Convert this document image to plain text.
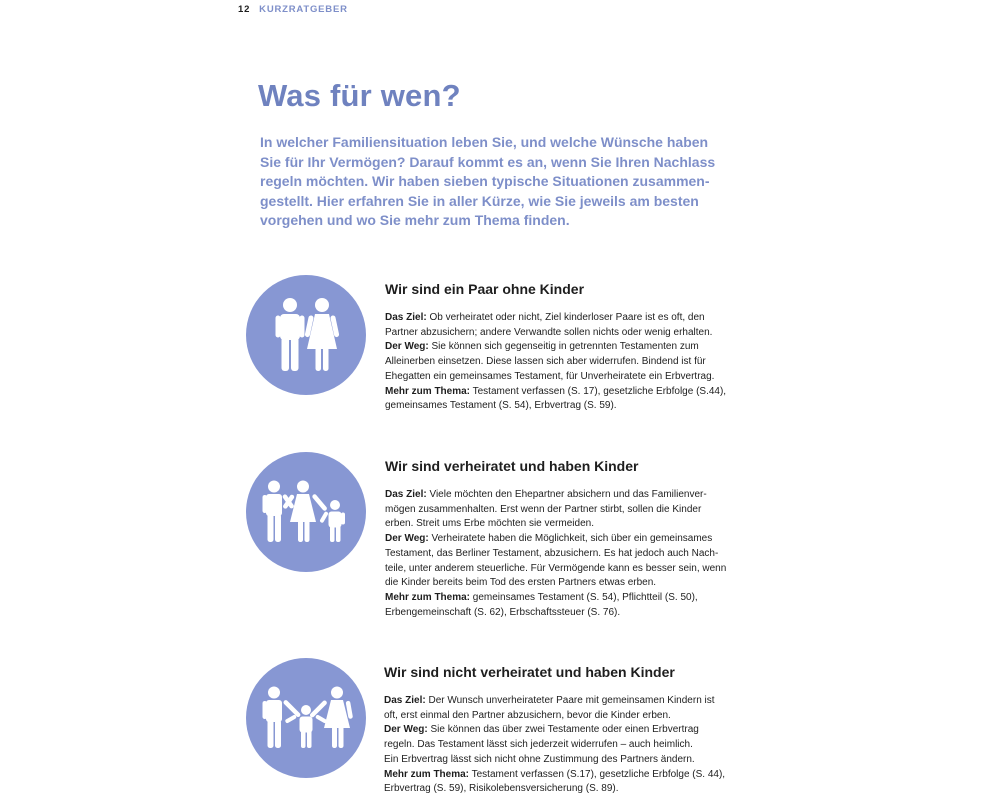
12 KURZRATGEBER
Was für wen?

In welcher Familiensituation leben Sie, und welche Wünsche haben
Sie für Ihr Vermögen? Darauf kommt es an, wenn Sie Ihren Nachlass
regeln möchten. Wir haben sieben typische Situationen zusammen-
gestellt. Hier erfahren Sie in aller Kürze, wie Sie jeweils am besten
vorgehen und wo Sie mehr zum Thema finden.

Wir sind ein Paar ohne Kinder

Das Ziel: Ob verheiratet oder nicht, Ziel kinderloser Paare ist es oft, den
Partner abzusichern; andere Verwandte sollen nichts oder wenig erhalten.
Der Weg: Sie können sich gegenseitig in getrennten Testamenten zum
Alleinerben einsetzen. Diese lassen sich aber widerrufen. Bindend ist für
Ehegatten ein gemeinsames Testament, für Unverheiratete ein Erbvertrag.
Mehr zum Thema: Testament verfassen (S. 17), gesetzliche Erbfolge (S.44),
gemeinsames Testament (S. 54), Erbvertrag (S. 59).

Wir sind verheiratet und haben Kinder

Das Ziel: Viele möchten den Ehepartner absichern und das Familienver-
mögen zusammenhalten. Erst wenn der Partner stirbt, sollen die Kinder
erben. Streit ums Erbe möchten sie vermeiden.
Der Weg: Verheiratete haben die Möglichkeit, sich über ein gemeinsames
Testament, das Berliner Testament, abzusichern. Es hat jedoch auch Nach-
teile, unter anderem steuerliche. Für Vermögende kann es besser sein, wenn
die Kinder bereits beim Tod des ersten Partners etwas erben.
Mehr zum Thema: gemeinsames Testament (S. 54), Pflichtteil (S. 50),
Erbengemeinschaft (S. 62), Erbschaftssteuer (S. 76).

Wir sind nicht verheiratet und haben Kinder

Das Ziel: Der Wunsch unverheirateter Paare mit gemeinsamen Kindern ist
oft, erst einmal den Partner abzusichern, bevor die Kinder erben.
Der Weg: Sie können das über zwei Testamente oder einen Erbvertrag
regeln. Das Testament lässt sich jederzeit widerrufen – auch heimlich.
Ein Erbvertrag lässt sich nicht ohne Zustimmung des Partners ändern.
Mehr zum Thema: Testament verfassen (S.17), gesetzliche Erbfolge (S. 44),
Erbvertrag (S. 59), Risikolebensversicherung (S. 89).
